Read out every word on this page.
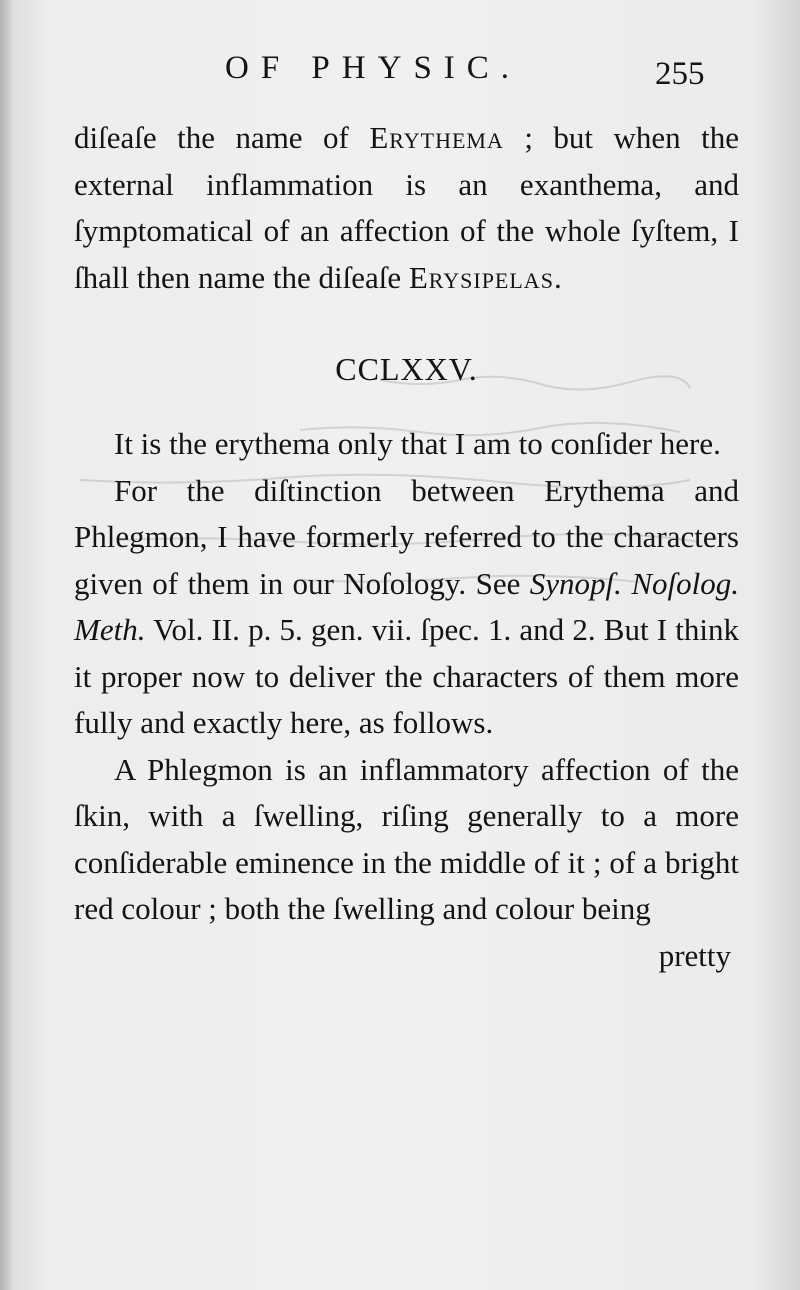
OF PHYSIC.	255

diſeaſe the name of Erythema ; but when the external inflammation is an exanthema, and ſymptomatical of an affection of the whole ſyſtem, I ſhall then name the diſeaſe Erysipelas.

CCLXXV.

It is the erythema only that I am to conſider here.

For the diſtinction between Erythema and Phlegmon, I have formerly referred to the characters given of them in our Noſology. See Synopſ. Noſolog. Meth. Vol. II. p. 5. gen. vii. ſpec. 1. and 2. But I think it proper now to deliver the characters of them more fully and exactly here, as follows.

A Phlegmon is an inflammatory affection of the ſkin, with a ſwelling, riſing generally to a more conſiderable eminence in the middle of it ; of a bright red colour ; both the ſwelling and colour being

pretty
